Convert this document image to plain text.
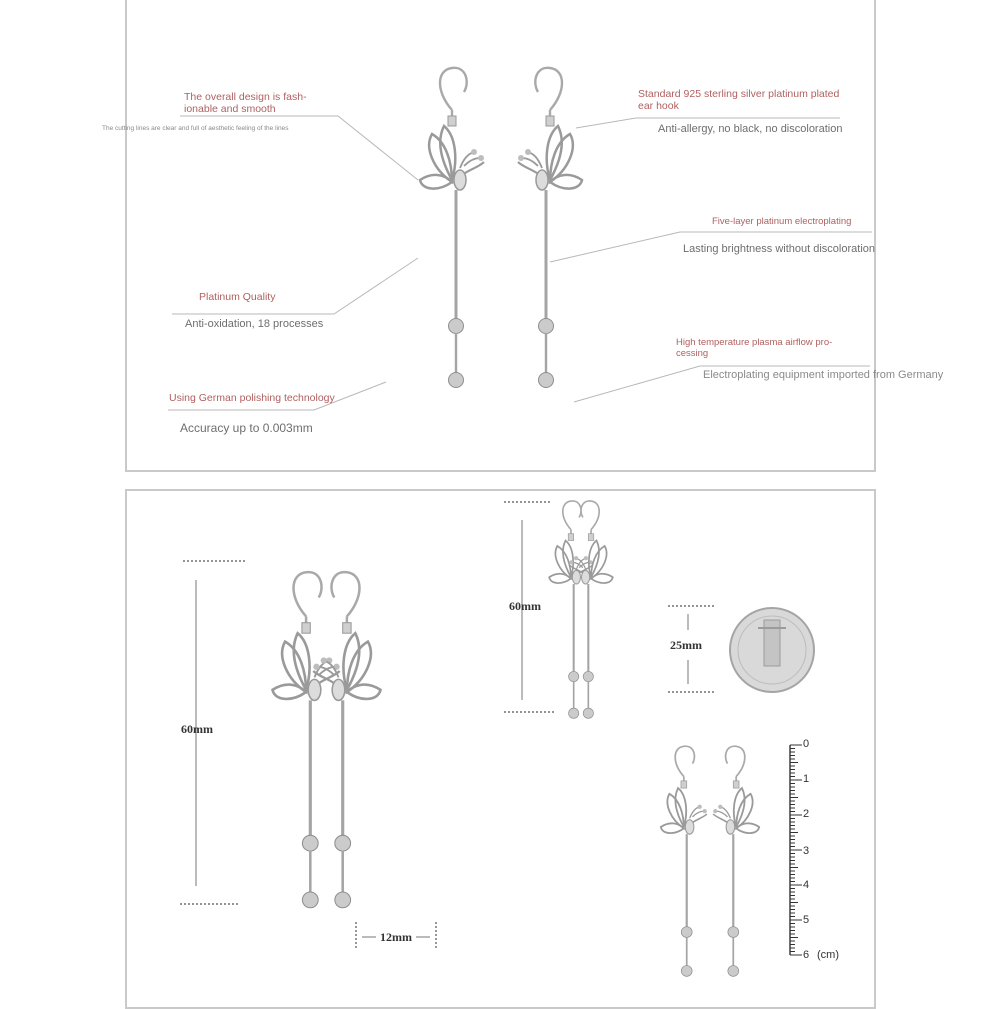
The overall design is fash-
ionable and smooth
The cutting lines are clear and full of aesthetic feeling of the lines
Platinum Quality
Anti-oxidation, 18 processes
Using German polishing technology
Accuracy up to 0.003mm
Standard 925 sterling silver platinum plated
ear hook
Anti-allergy, no black, no discoloration
Five-layer platinum electroplating
Lasting brightness without discoloration
High temperature plasma airflow pro-
cessing
Electroplating equipment imported from Germany
60mm
12mm
60mm
25mm
0
1
2
3
4
5
6 (cm)
